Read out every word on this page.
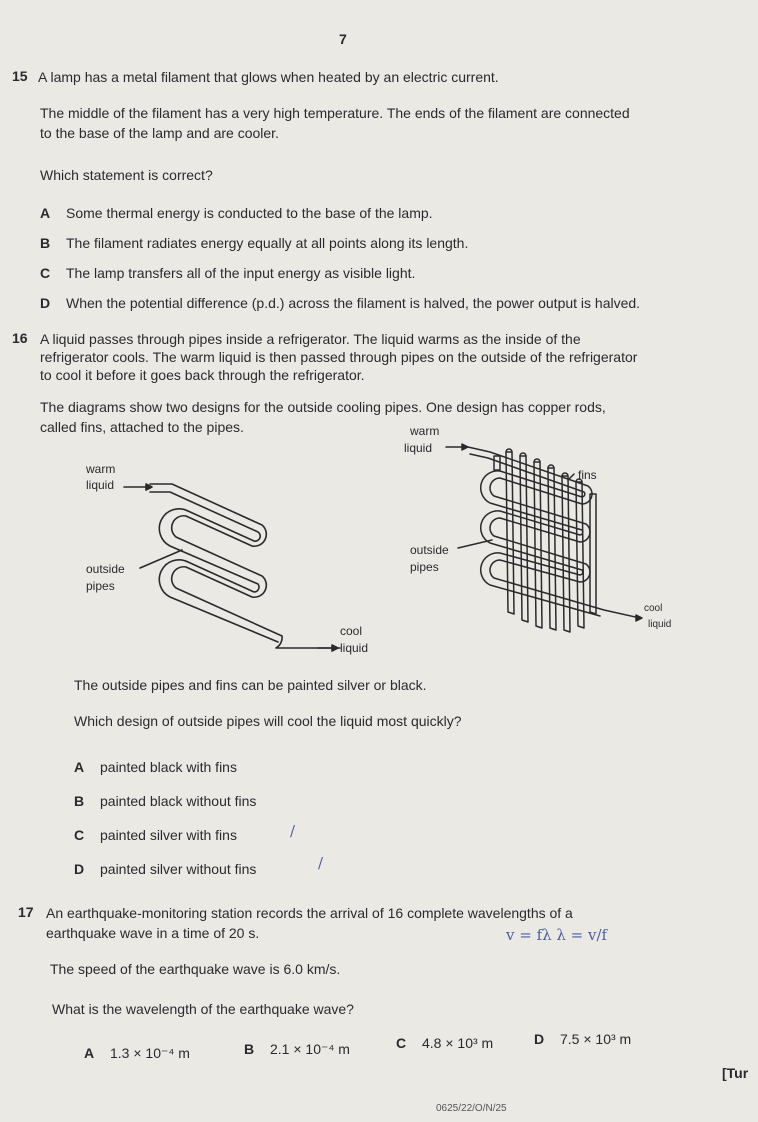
7
15 A lamp has a metal filament that glows when heated by an electric current.
The middle of the filament has a very high temperature. The ends of the filament are connected
to the base of the lamp and are cooler.
Which statement is correct?
A Some thermal energy is conducted to the base of the lamp.
B The filament radiates energy equally at all points along its length.
C The lamp transfers all of the input energy as visible light.
D When the potential difference (p.d.) across the filament is halved, the power output is halved.
16 A liquid passes through pipes inside a refrigerator. The liquid warms as the inside of the
refrigerator cools. The warm liquid is then passed through pipes on the outside of the refrigerator
to cool it before it goes back through the refrigerator.
The diagrams show two designs for the outside cooling pipes. One design has copper rods,
called fins, attached to the pipes.
warm
liquid
outside
pipes
cool
liquid
warm
liquid
fins
outside
pipes
cool
liquid
The outside pipes and fins can be painted silver or black.
Which design of outside pipes will cool the liquid most quickly?
A painted black with fins
B painted black without fins
C painted silver with fins
D painted silver without fins
/
/
17 An earthquake-monitoring station records the arrival of 16 complete wavelengths of a
earthquake wave in a time of 20 s.	v = fλ λ = v/f
The speed of the earthquake wave is 6.0 km/s.
What is the wavelength of the earthquake wave?
A 1.3 × 10⁻⁴ m	B 2.1 × 10⁻⁴ m	C 4.8 × 10³ m	D 7.5 × 10³ m
[Tur
0625/22/O/N/25
